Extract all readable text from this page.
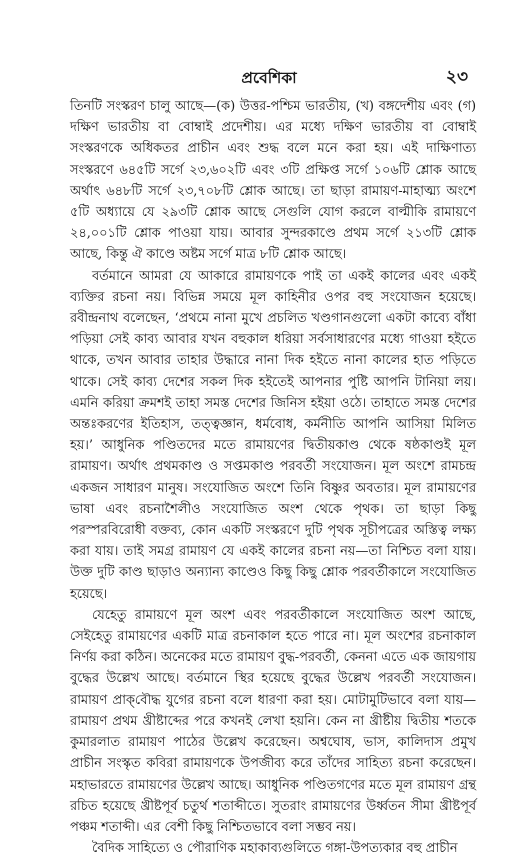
প্রবেশিকা	২৩

তিনটি সংস্করণ চালু আছে—(ক) উত্তর-পশ্চিম ভারতীয়, (খ) বঙ্গদেশীয় এবং (গ) দক্ষিণ ভারতীয় বা বোম্বাই প্রদেশীয়। এর মধ্যে দক্ষিণ ভারতীয় বা বোম্বাই সংস্করণকে অধিকতর প্রাচীন এবং শুদ্ধ বলে মনে করা হয়। এই দাক্ষিণাত্য সংস্করণে ৬৪৫টি সর্গে ২৩,৬০২টি এবং ৩টি প্রক্ষিপ্ত সর্গে ১০৬টি শ্লোক আছে অর্থাৎ ৬৪৮টি সর্গে ২৩,৭০৮টি শ্লোক আছে। তা ছাড়া রামায়ণ-মাহাত্ম্য অংশে ৫টি অধ্যায়ে যে ২৯৩টি শ্লোক আছে সেগুলি যোগ করলে বাল্মীকি রামায়ণে ২৪,০০১টি শ্লোক পাওয়া যায়। আবার সুন্দরকাণ্ডে প্রথম সর্গে ২১৩টি শ্লোক আছে, কিন্তু ঐ কাণ্ডে অষ্টম সর্গে মাত্র ৮টি শ্লোক আছে।

বর্তমানে আমরা যে আকারে রামায়ণকে পাই তা একই কালের এবং একই ব্যক্তির রচনা নয়। বিভিন্ন সময়ে মূল কাহিনীর ওপর বহু সংযোজন হয়েছে। রবীন্দ্রনাথ বলেছেন, ‘প্রথমে নানা মুখে প্রচলিত খণ্ডগানগুলো একটা কাব্যে বাঁধা পড়িয়া সেই কাব্য আবার যখন বহুকাল ধরিয়া সর্বসাধারণের মধ্যে গাওয়া হইতে থাকে, তখন আবার তাহার উদ্ধারে নানা দিক হইতে নানা কালের হাত পড়িতে থাকে। সেই কাব্য দেশের সকল দিক হইতেই আপনার পুষ্টি আপনি টানিয়া লয়। এমনি করিয়া ক্রমশই তাহা সমস্ত দেশের জিনিস হইয়া ওঠে। তাহাতে সমস্ত দেশের অন্তঃকরণের ইতিহাস, তত্ত্বজ্ঞান, ধর্মবোধ, কর্মনীতি আপনি আসিয়া মিলিত হয়।’ আধুনিক পণ্ডিতদের মতে রামায়ণের দ্বিতীয়কাণ্ড থেকে ষষ্ঠকাণ্ডই মূল রামায়ণ। অর্থাৎ প্রথমকাণ্ড ও সপ্তমকাণ্ড পরবর্তী সংযোজন। মূল অংশে রামচন্দ্র একজন সাধারণ মানুষ। সংযোজিত অংশে তিনি বিষ্ণুর অবতার। মূল রামায়ণের ভাষা এবং রচনাশৈলীও সংযোজিত অংশ থেকে পৃথক। তা ছাড়া কিছু পরস্পরবিরোধী বক্তব্য, কোন একটি সংস্করণে দুটি পৃথক সূচীপত্রের অস্তিত্ব লক্ষ্য করা যায়। তাই সমগ্র রামায়ণ যে একই কালের রচনা নয়—তা নিশ্চিত বলা যায়। উক্ত দুটি কাণ্ড ছাড়াও অন্যান্য কাণ্ডেও কিছু কিছু শ্লোক পরবর্তীকালে সংযোজিত হয়েছে।

যেহেতু রামায়ণে মূল অংশ এবং পরবর্তীকালে সংযোজিত অংশ আছে, সেইহেতু রামায়ণের একটি মাত্র রচনাকাল হতে পারে না। মূল অংশের রচনাকাল নির্ণয় করা কঠিন। অনেকের মতে রামায়ণ বুদ্ধ-পরবর্তী, কেননা এতে এক জায়গায় বুদ্ধের উল্লেখ আছে। বর্তমানে স্থির হয়েছে বুদ্ধের উল্লেখ পরবর্তী সংযোজন। রামায়ণ প্রাক্‌বৌদ্ধ যুগের রচনা বলে ধারণা করা হয়। মোটামুটিভাবে বলা যায়—রামায়ণ প্রথম খ্রীষ্টাব্দের পরে কখনই লেখা হয়নি। কেন না খ্রীষ্টীয় দ্বিতীয় শতকে কুমারলাত রামায়ণ পাঠের উল্লেখ করেছেন। অশ্বঘোষ, ভাস, কালিদাস প্রমুখ প্রাচীন সংস্কৃত কবিরা রামায়ণকে উপজীব্য করে তাঁদের সাহিত্য রচনা করেছেন। মহাভারতে রামায়ণের উল্লেখ আছে। আধুনিক পণ্ডিতগণের মতে মূল রামায়ণ গ্রন্থ রচিত হয়েছে খ্রীষ্টপূর্ব চতুর্থ শতাব্দীতে। সুতরাং রামায়ণের উর্ধ্বতন সীমা খ্রীষ্টপূর্ব পঞ্চম শতাব্দী। এর বেশী কিছু নিশ্চিতভাবে বলা সম্ভব নয়।

বৈদিক সাহিত্যে ও পৌরাণিক মহাকাব্যগুলিতে গঙ্গা-উপত্যকার বহু প্রাচীন
